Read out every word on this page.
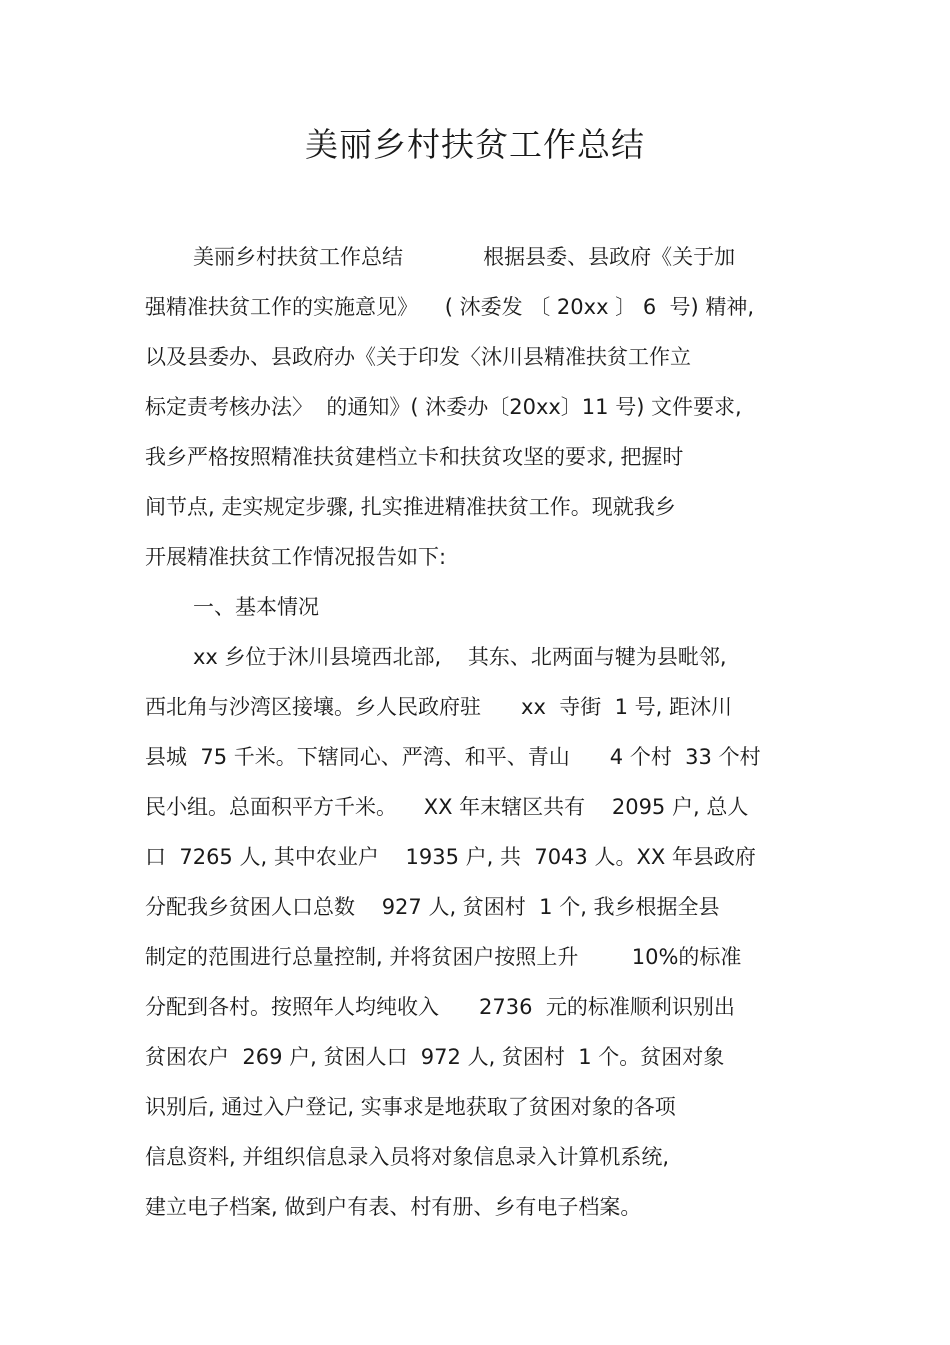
美丽乡村扶贫工作总结

美丽乡村扶贫工作总结            根据县委、县政府《关于加

强精准扶贫工作的实施意见》    ( 沐委发 〔 20xx 〕 6  号) 精神,

以及县委办、县政府办《关于印发〈沐川县精准扶贫工作立

标定责考核办法〉  的通知》( 沐委办〔20xx〕11 号) 文件要求,

我乡严格按照精准扶贫建档立卡和扶贫攻坚的要求, 把握时

间节点, 走实规定步骤, 扎实推进精准扶贫工作。现就我乡

开展精准扶贫工作情况报告如下:

一、基本情况

xx 乡位于沐川县境西北部,    其东、北两面与犍为县毗邻,

西北角与沙湾区接壤。乡人民政府驻      xx  寺街  1 号, 距沐川

县城  75 千米。下辖同心、严湾、和平、青山      4 个村  33 个村

民小组。总面积平方千米。    XX 年末辖区共有    2095 户, 总人

口  7265 人, 其中农业户    1935 户, 共  7043 人。XX 年县政府

分配我乡贫困人口总数    927 人, 贫困村  1 个, 我乡根据全县

制定的范围进行总量控制, 并将贫困户按照上升        10%的标准

分配到各村。按照年人均纯收入      2736  元的标准顺利识别出

贫困农户  269 户, 贫困人口  972 人, 贫困村  1 个。贫困对象

识别后, 通过入户登记, 实事求是地获取了贫困对象的各项

信息资料, 并组织信息录入员将对象信息录入计算机系统,

建立电子档案, 做到户有表、村有册、乡有电子档案。
